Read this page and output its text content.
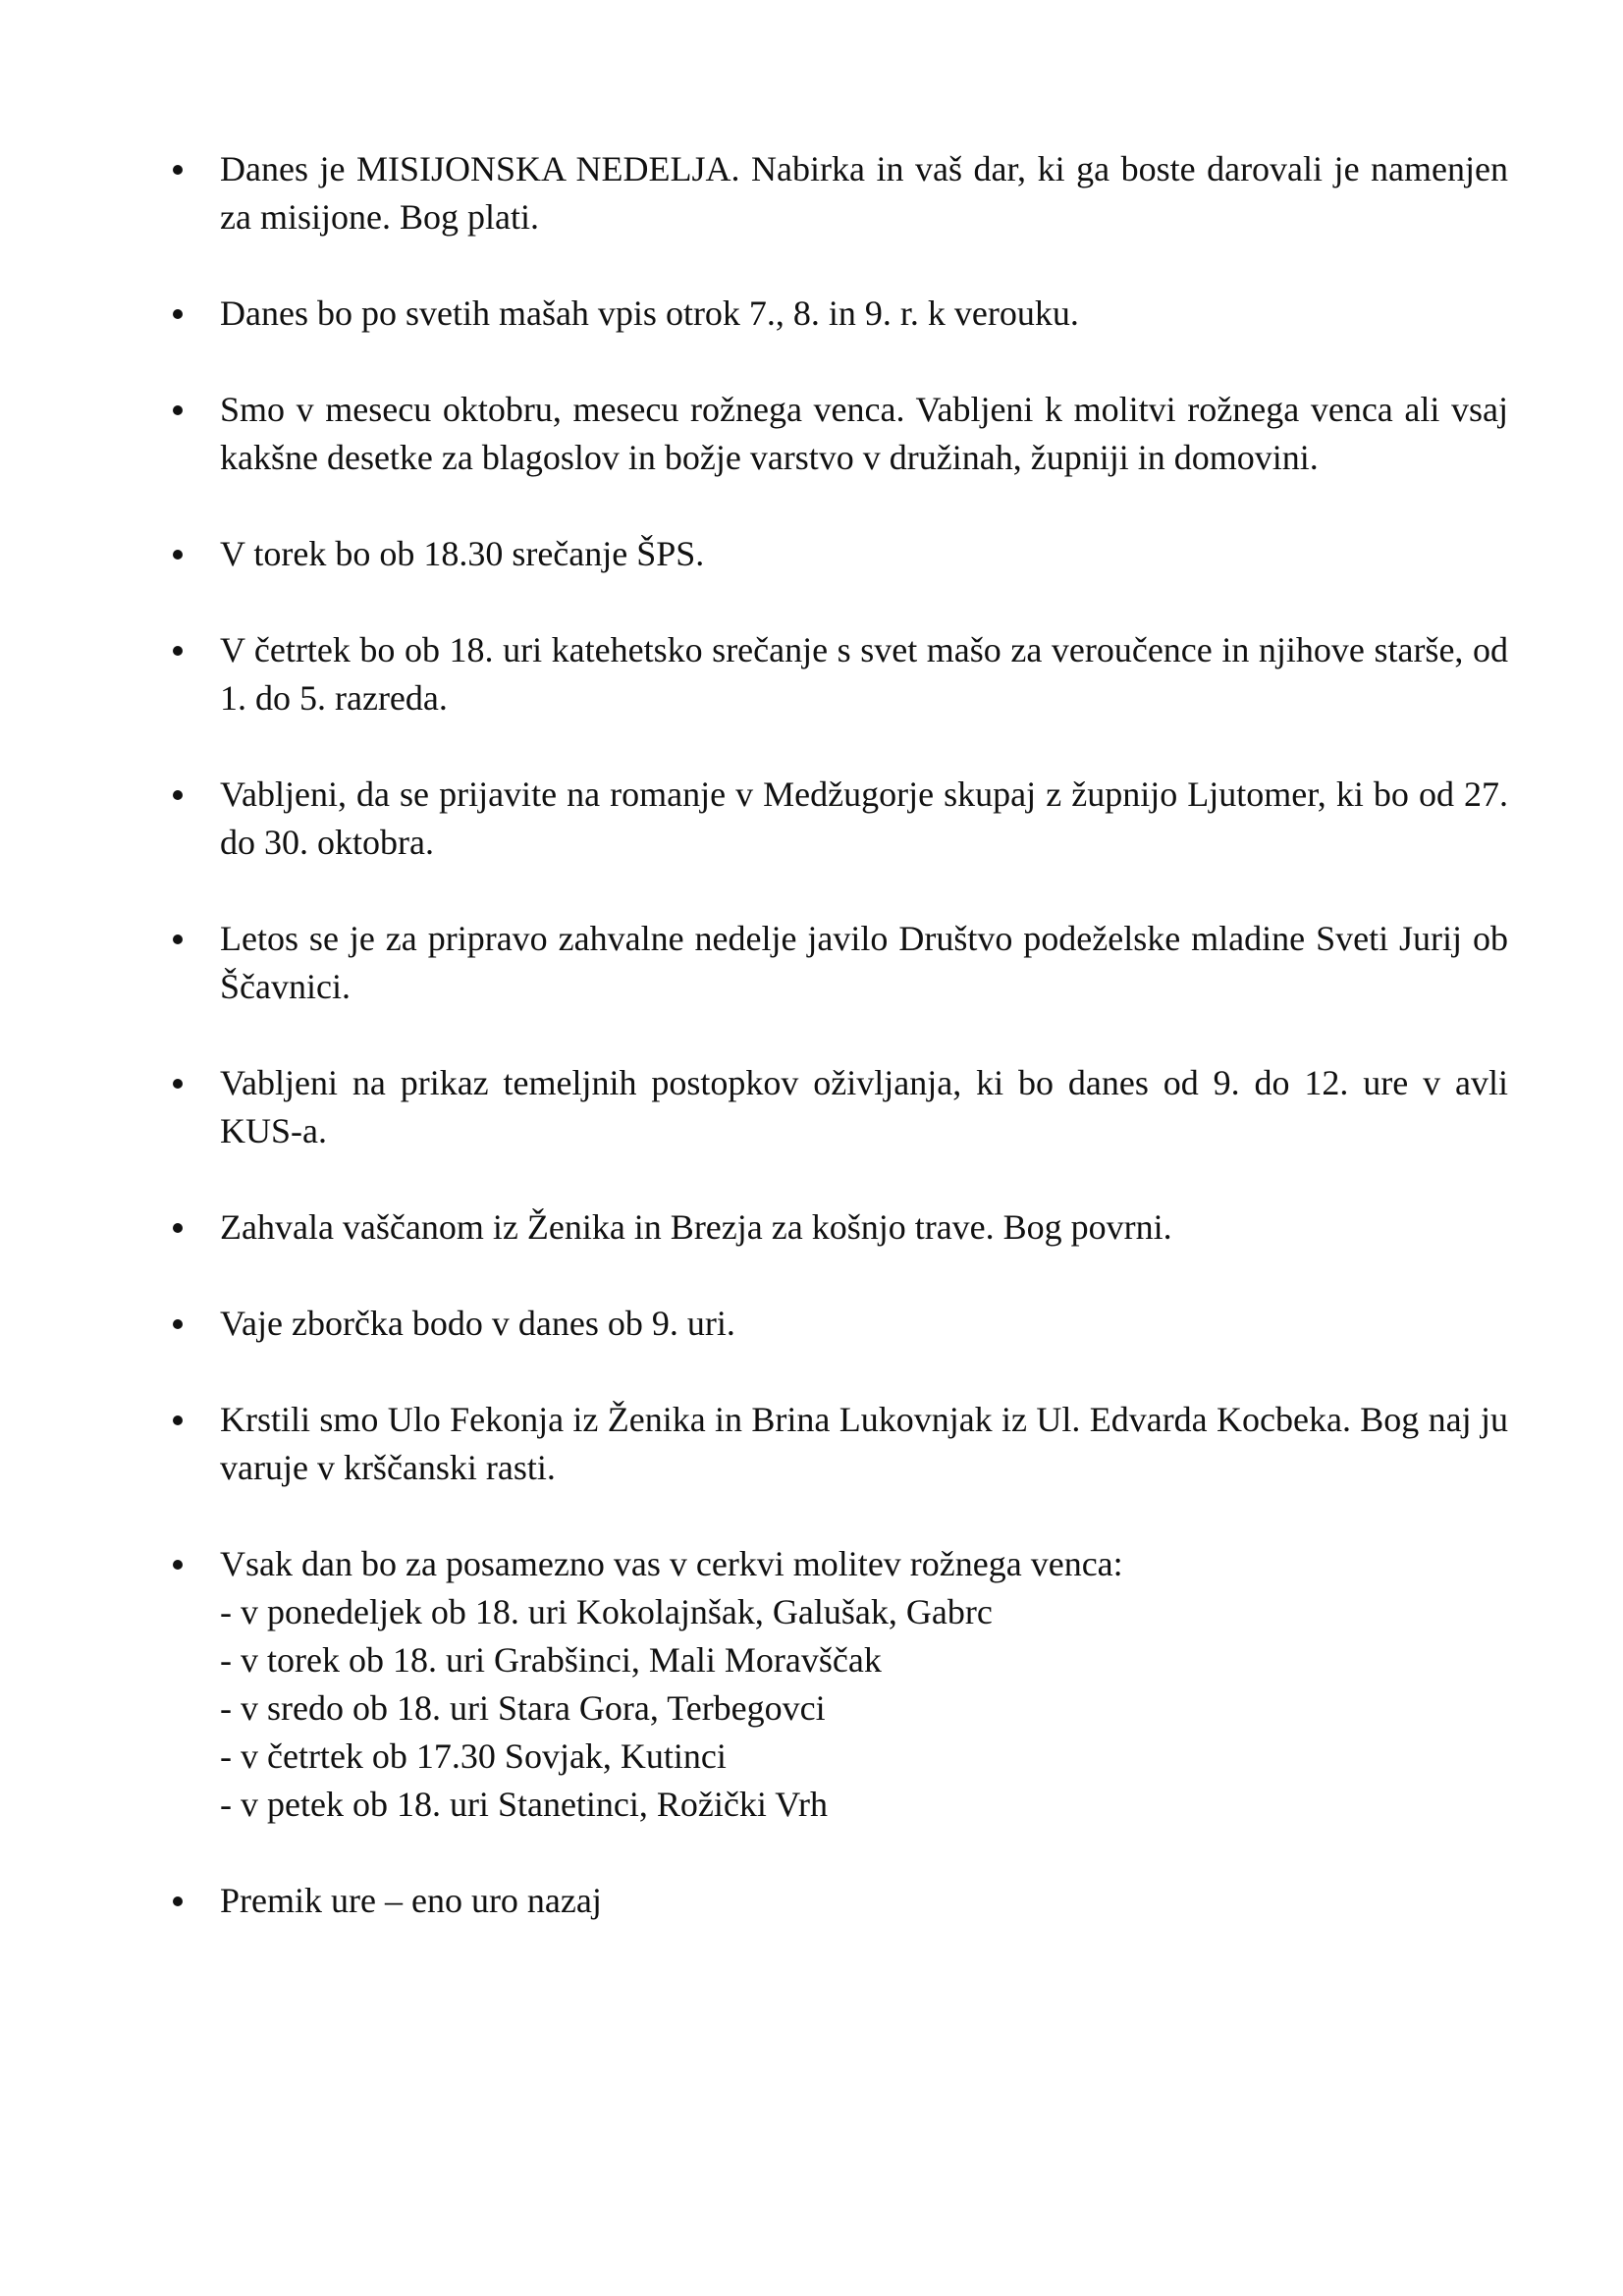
Danes je MISIJONSKA NEDELJA. Nabirka in vaš dar, ki ga boste darovali je namenjen za misijone. Bog plati.
Danes bo po svetih mašah vpis otrok 7., 8. in 9. r. k verouku.
Smo v mesecu oktobru, mesecu rožnega venca. Vabljeni k molitvi rožnega venca ali vsaj kakšne desetke za blagoslov in božje varstvo v družinah, župniji in domovini.
V torek bo ob 18.30 srečanje ŠPS.
V četrtek bo ob 18. uri katehetsko srečanje s svet mašo za veroučence in njihove starše, od 1. do 5. razreda.
Vabljeni, da se prijavite na romanje v Medžugorje skupaj z župnijo Ljutomer, ki bo od 27. do 30. oktobra.
Letos se je za pripravo zahvalne nedelje javilo Društvo podeželske mladine Sveti Jurij ob Ščavnici.
Vabljeni na prikaz temeljnih postopkov oživljanja, ki bo danes od 9. do 12. ure v avli KUS-a.
Zahvala vaščanom iz Ženika in Brezja za košnjo trave. Bog povrni.
Vaje zborčka bodo v danes ob 9. uri.
Krstili smo Ulo Fekonja iz Ženika in Brina Lukovnjak iz Ul. Edvarda Kocbeka. Bog naj ju varuje v krščanski rasti.
Vsak dan bo za posamezno vas v cerkvi molitev rožnega venca:
- v ponedeljek ob 18. uri Kokolajnšak, Galušak, Gabrc
- v torek ob 18. uri Grabšinci, Mali Moravščak
- v sredo ob 18. uri Stara Gora, Terbegovci
- v četrtek ob 17.30 Sovjak, Kutinci
- v petek ob 18. uri Stanetinci, Rožički Vrh
Premik ure – eno uro nazaj
